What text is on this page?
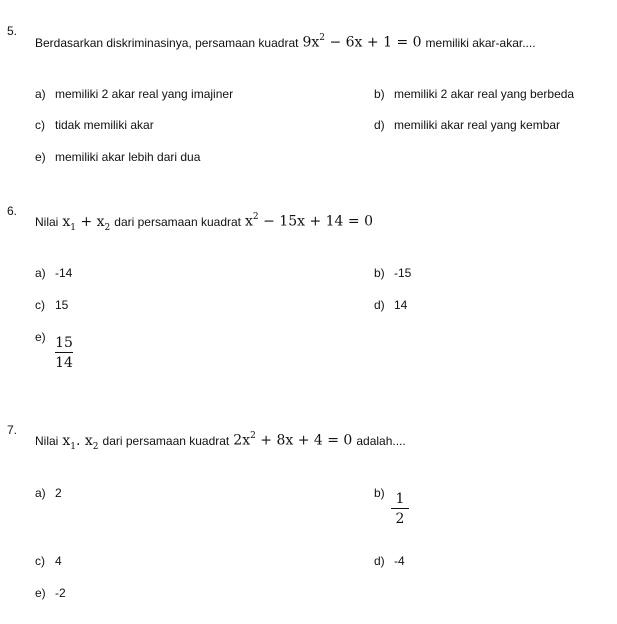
5.
Berdasarkan diskriminasinya, persamaan kuadrat $9x^2 - 6x + 1 = 0$ memiliki akar-akar....
a) memiliki 2 akar real yang imajiner	b) memiliki 2 akar real yang berbeda
c) tidak memiliki akar	d) memiliki akar real yang kembar
e) memiliki akar lebih dari dua
6.
Nilai $x_1 + x_2$ dari persamaan kuadrat $x^2 - 15x + 14 = 0$
a) -14	b) -15
c) 15	d) 14
e) 15
14
7.
Nilai $x_1$. $x_2$ dari persamaan kuadrat $2x^2 + 8x + 4 = 0$ adalah....
a) 2	b) 1
2
c) 4	d) -4
e) -2
